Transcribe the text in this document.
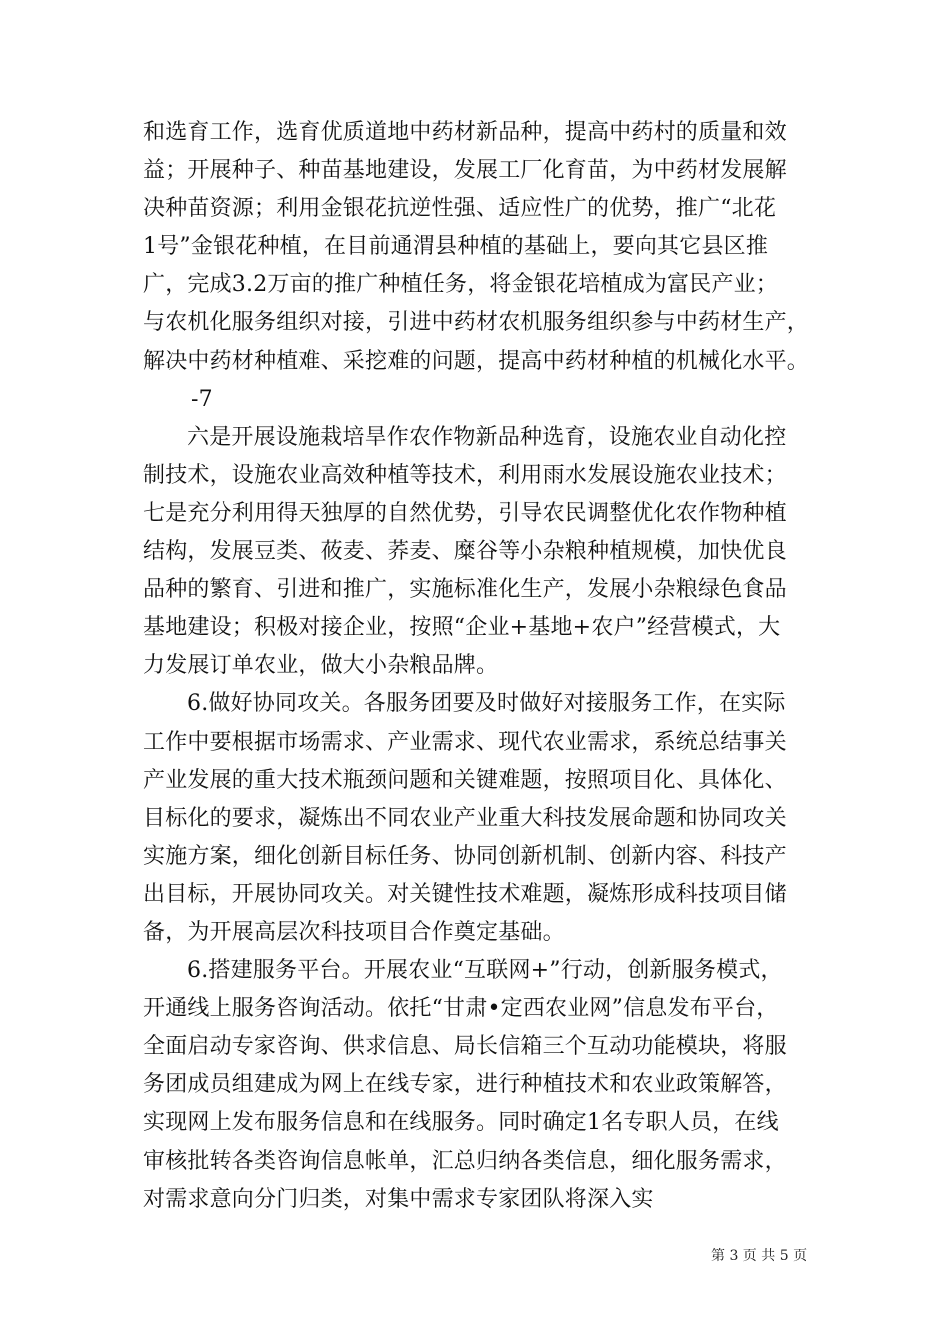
和选育工作，选育优质道地中药材新品种，提高中药村的质量和效
益；开展种子、种苗基地建设，发展工厂化育苗，为中药材发展解
决种苗资源；利用金银花抗逆性强、适应性广的优势，推广“北花
1号”金银花种植，在目前通渭县种植的基础上，要向其它县区推
广，完成3.2万亩的推广种植任务，将金银花培植成为富民产业；
与农机化服务组织对接，引进中药材农机服务组织参与中药材生产，
解决中药材种植难、采挖难的问题，提高中药材种植的机械化水平。
-7
六是开展设施栽培旱作农作物新品种选育，设施农业自动化控
制技术，设施农业高效种植等技术，利用雨水发展设施农业技术；
七是充分利用得天独厚的自然优势，引导农民调整优化农作物种植
结构，发展豆类、莜麦、荞麦、糜谷等小杂粮种植规模，加快优良
品种的繁育、引进和推广，实施标准化生产，发展小杂粮绿色食品
基地建设；积极对接企业，按照“企业+基地+农户”经营模式，大
力发展订单农业，做大小杂粮品牌。
6.做好协同攻关。各服务团要及时做好对接服务工作，在实际
工作中要根据市场需求、产业需求、现代农业需求，系统总结事关
产业发展的重大技术瓶颈问题和关键难题，按照项目化、具体化、
目标化的要求，凝炼出不同农业产业重大科技发展命题和协同攻关
实施方案，细化创新目标任务、协同创新机制、创新内容、科技产
出目标，开展协同攻关。对关键性技术难题，凝炼形成科技项目储
备，为开展高层次科技项目合作奠定基础。
6.搭建服务平台。开展农业“互联网+”行动，创新服务模式，
开通线上服务咨询活动。依托“甘肃•定西农业网”信息发布平台，
全面启动专家咨询、供求信息、局长信箱三个互动功能模块，将服
务团成员组建成为网上在线专家，进行种植技术和农业政策解答，
实现网上发布服务信息和在线服务。同时确定1名专职人员，在线
审核批转各类咨询信息帐单，汇总归纳各类信息，细化服务需求，
对需求意向分门归类，对集中需求专家团队将深入实
第 3 页 共 5 页
